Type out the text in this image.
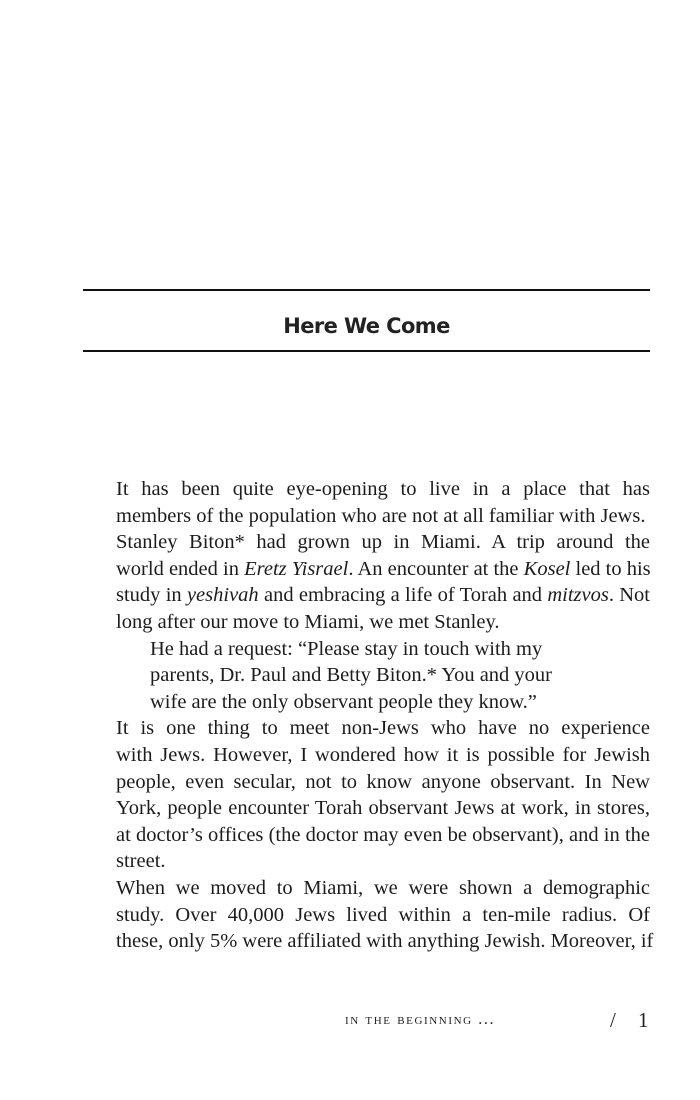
Here We Come
It has been quite eye-opening to live in a place that has
members of the population who are not at all familiar with Jews.
Stanley Biton* had grown up in Miami. A trip around the
world ended in Eretz Yisrael. An encounter at the Kosel led to his
study in yeshivah and embracing a life of Torah and mitzvos. Not
long after our move to Miami, we met Stanley.
He had a request: “Please stay in touch with my
parents, Dr. Paul and Betty Biton.* You and your
wife are the only observant people they know.”
It is one thing to meet non-Jews who have no experience
with Jews. However, I wondered how it is possible for Jewish
people, even secular, not to know anyone observant. In New
York, people encounter Torah observant Jews at work, in stores,
at doctor’s offices (the doctor may even be observant), and in the
street.
When we moved to Miami, we were shown a demographic
study. Over 40,000 Jews lived within a ten-mile radius. Of
these, only 5% were affiliated with anything Jewish. Moreover, if
in the beginning ...	/ 1
